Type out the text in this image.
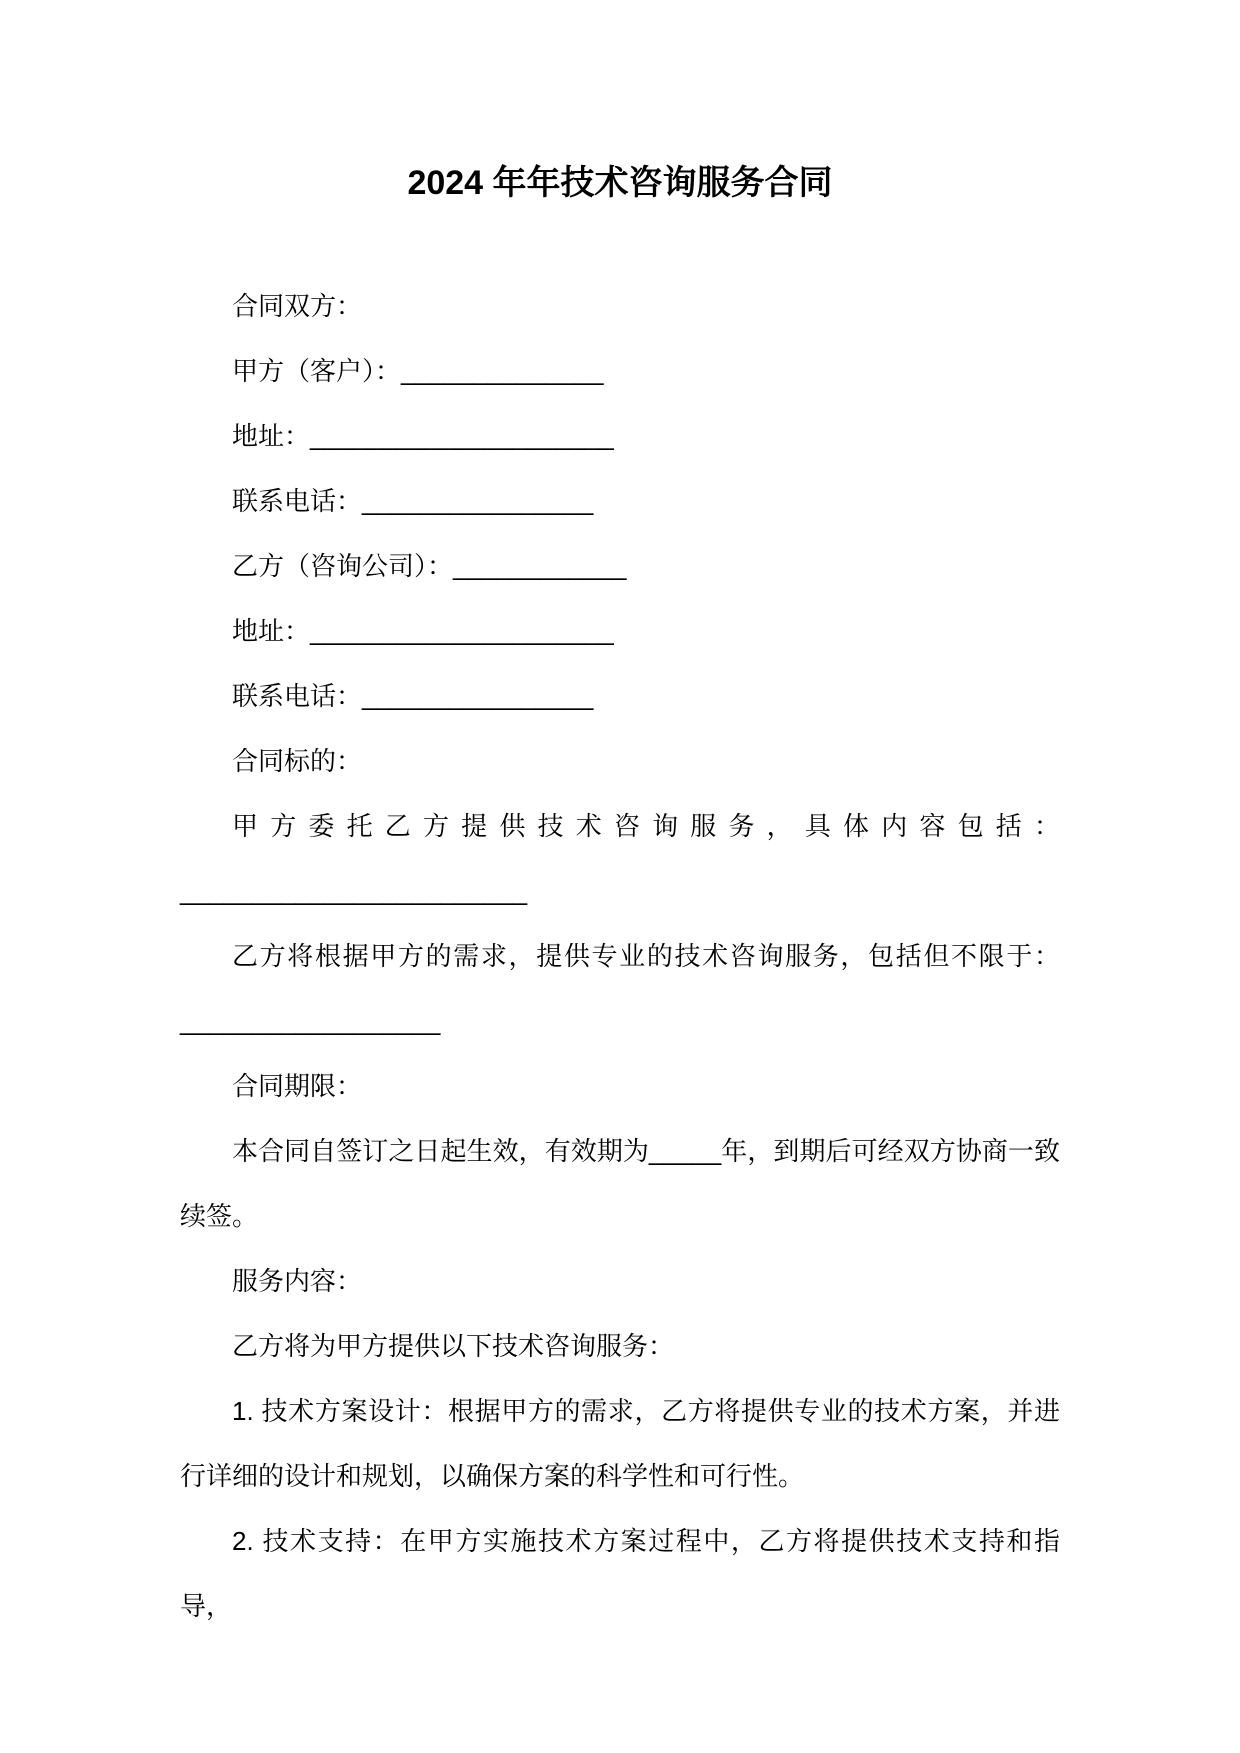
2024 年年技术咨询服务合同

合同双方：

甲方（客户）：______________

地址：_____________________

联系电话：________________

乙方（咨询公司）：____________

地址：_____________________

联系电话：________________

合同标的：

甲方委托乙方提供技术咨询服务，具体内容包括：________________________

乙方将根据甲方的需求，提供专业的技术咨询服务，包括但不限于：__________________

合同期限：

本合同自签订之日起生效，有效期为_____年，到期后可经双方协商一致续签。

服务内容：

乙方将为甲方提供以下技术咨询服务：

1. 技术方案设计：根据甲方的需求，乙方将提供专业的技术方案，并进行详细的设计和规划，以确保方案的科学性和可行性。

2. 技术支持：在甲方实施技术方案过程中，乙方将提供技术支持和指导，
